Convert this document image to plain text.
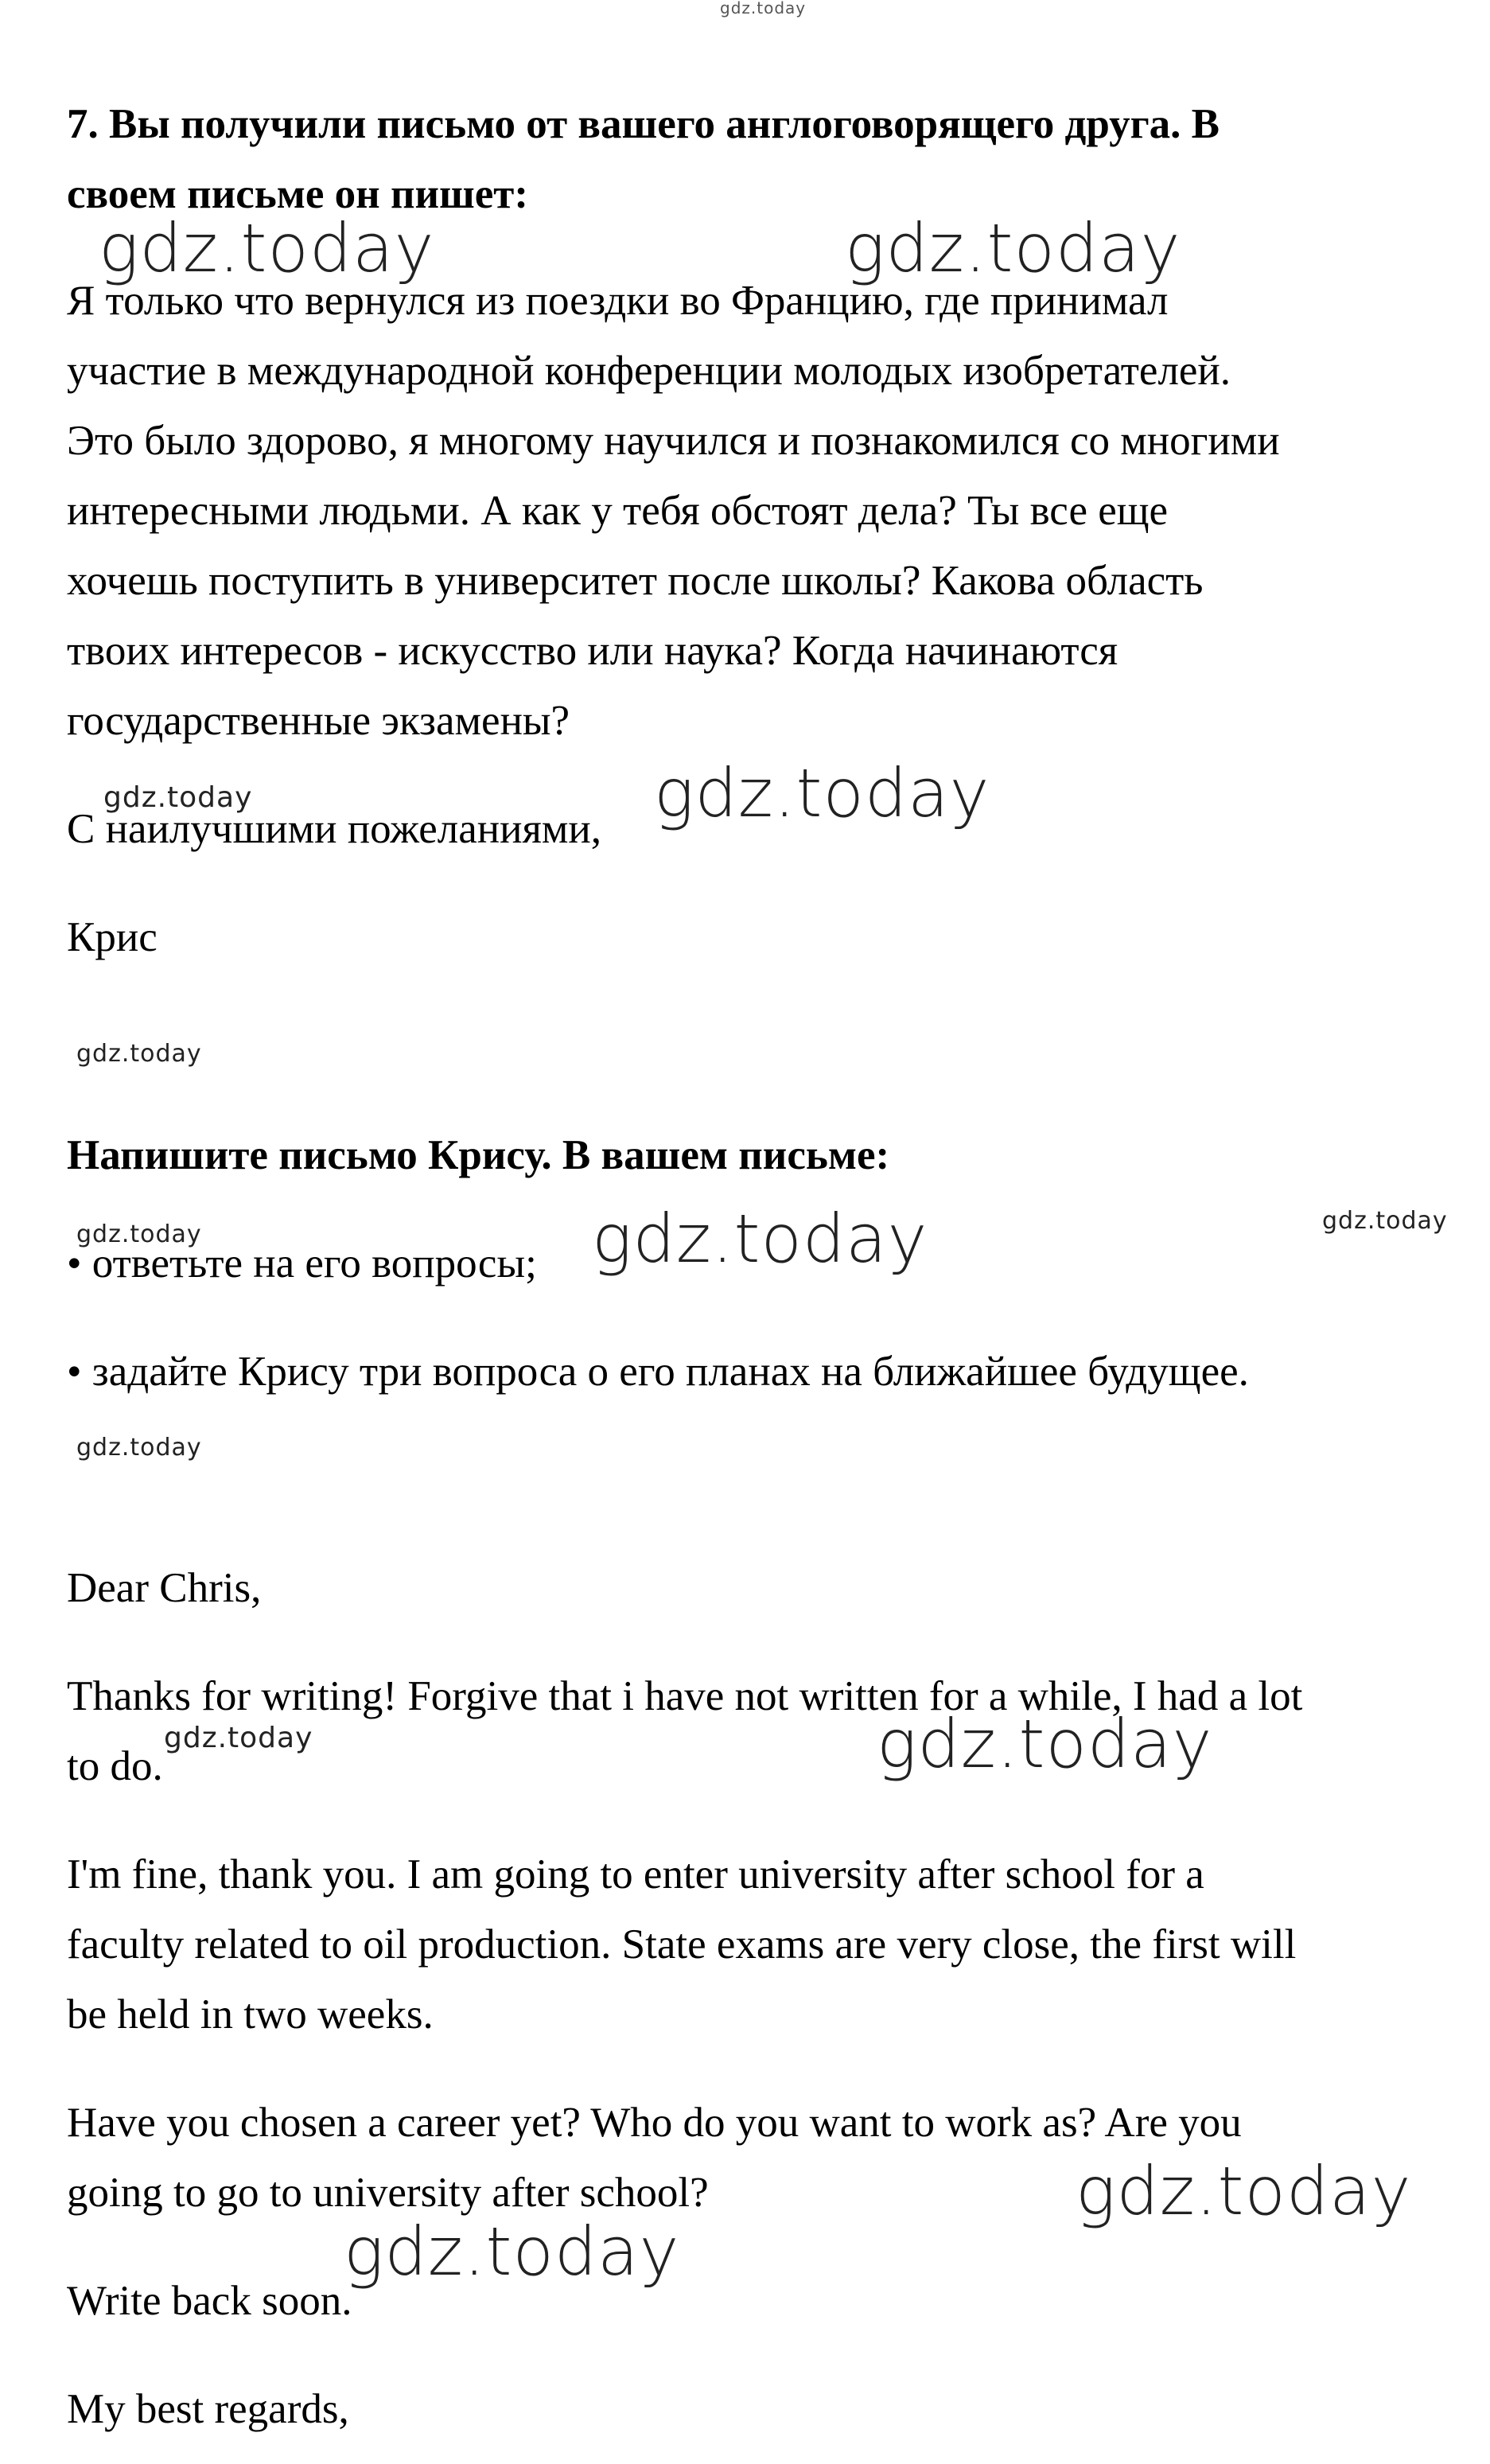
gdz.today

7. Вы получили письмо от вашего англоговорящего друга. В

своем письме он пишет:

Я только что вернулся из поездки во Францию, где принимал

участие в международной конференции молодых изобретателей.

Это было здорово, я многому научился и познакомился со многими

интересными людьми. А как у тебя обстоят дела? Ты все еще

хочешь поступить в университет после школы? Какова область

твоих интересов - искусство или наука? Когда начинаются

государственные экзамены?

С наилучшими пожеланиями,

Крис

Напишите письмо Крису. В вашем письме:

• ответьте на его вопросы;

• задайте Крису три вопроса о его планах на ближайшее будущее.

Dear Chris,

Thanks for writing! Forgive that i have not written for a while, I had a lot

to do.

I'm fine, thank you. I am going to enter university after school for a

faculty related to oil production. State exams are very close, the first will

be held in two weeks.

Have you chosen a career yet? Who do you want to work as? Are you

going to go to university after school?

Write back soon.

My best regards,

gdz.today	gdz.today
gdz.today	gdz.today
gdz.today
gdz.today	gdz.today	gdz.today
gdz.today
gdz.today	gdz.today
gdz.today
gdz.today
